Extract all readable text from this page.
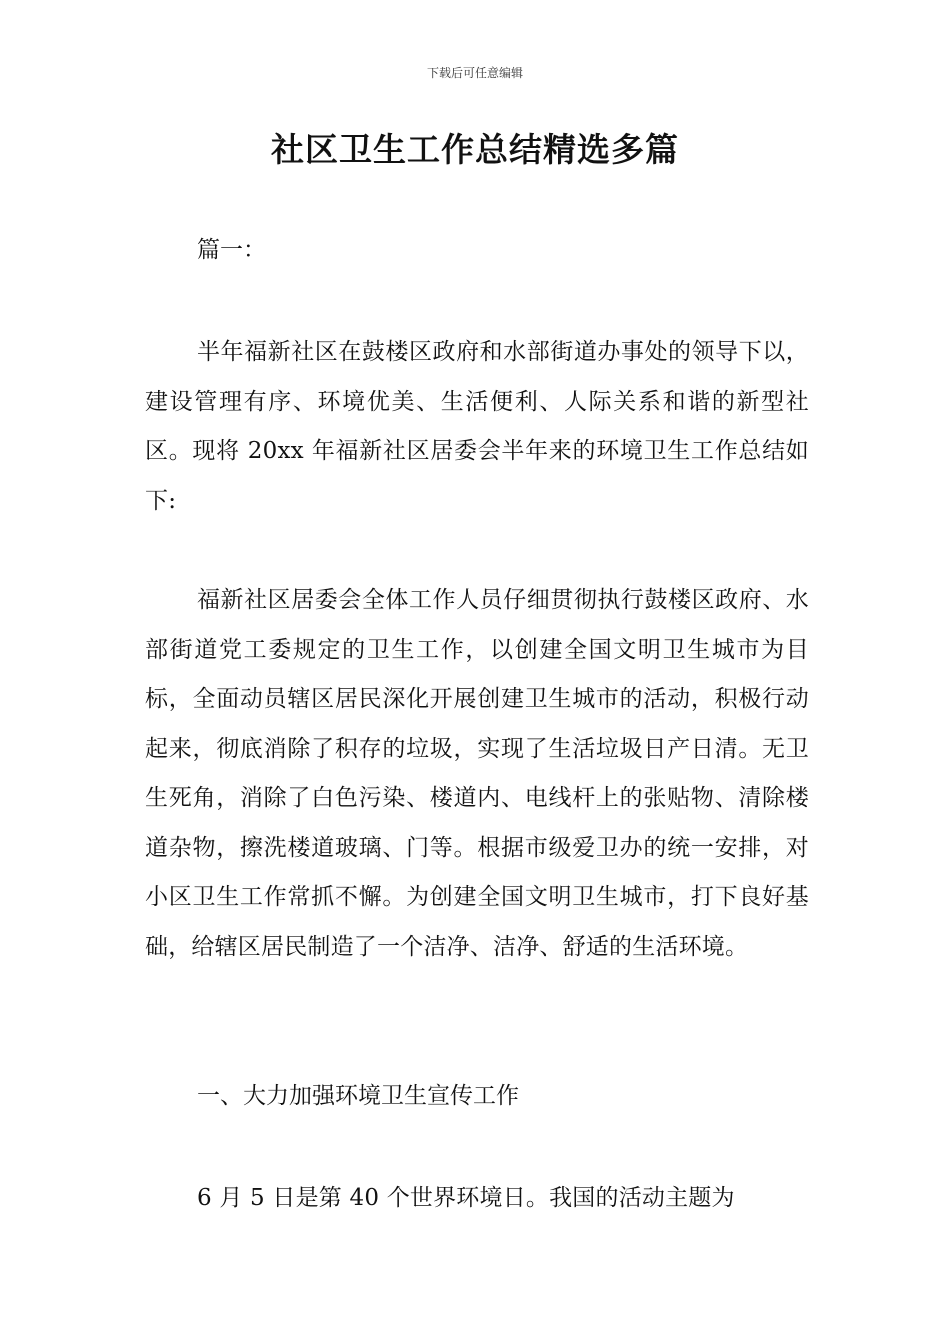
下载后可任意编辑
社区卫生工作总结精选多篇

篇一：

半年福新社区在鼓楼区政府和水部街道办事处的领导下以，建设管理有序、环境优美、生活便利、人际关系和谐的新型社区。现将 20xx 年福新社区居委会半年来的环境卫生工作总结如下:

福新社区居委会全体工作人员仔细贯彻执行鼓楼区政府、水部街道党工委规定的卫生工作，以创建全国文明卫生城市为目标，全面动员辖区居民深化开展创建卫生城市的活动，积极行动起来，彻底消除了积存的垃圾，实现了生活垃圾日产日清。无卫生死角，消除了白色污染、楼道内、电线杆上的张贴物、清除楼道杂物，擦洗楼道玻璃、门等。根据市级爱卫办的统一安排，对小区卫生工作常抓不懈。为创建全国文明卫生城市，打下良好基础，给辖区居民制造了一个洁净、洁净、舒适的生活环境。

一、大力加强环境卫生宣传工作

6 月 5 日是第 40 个世界环境日。我国的活动主题为
